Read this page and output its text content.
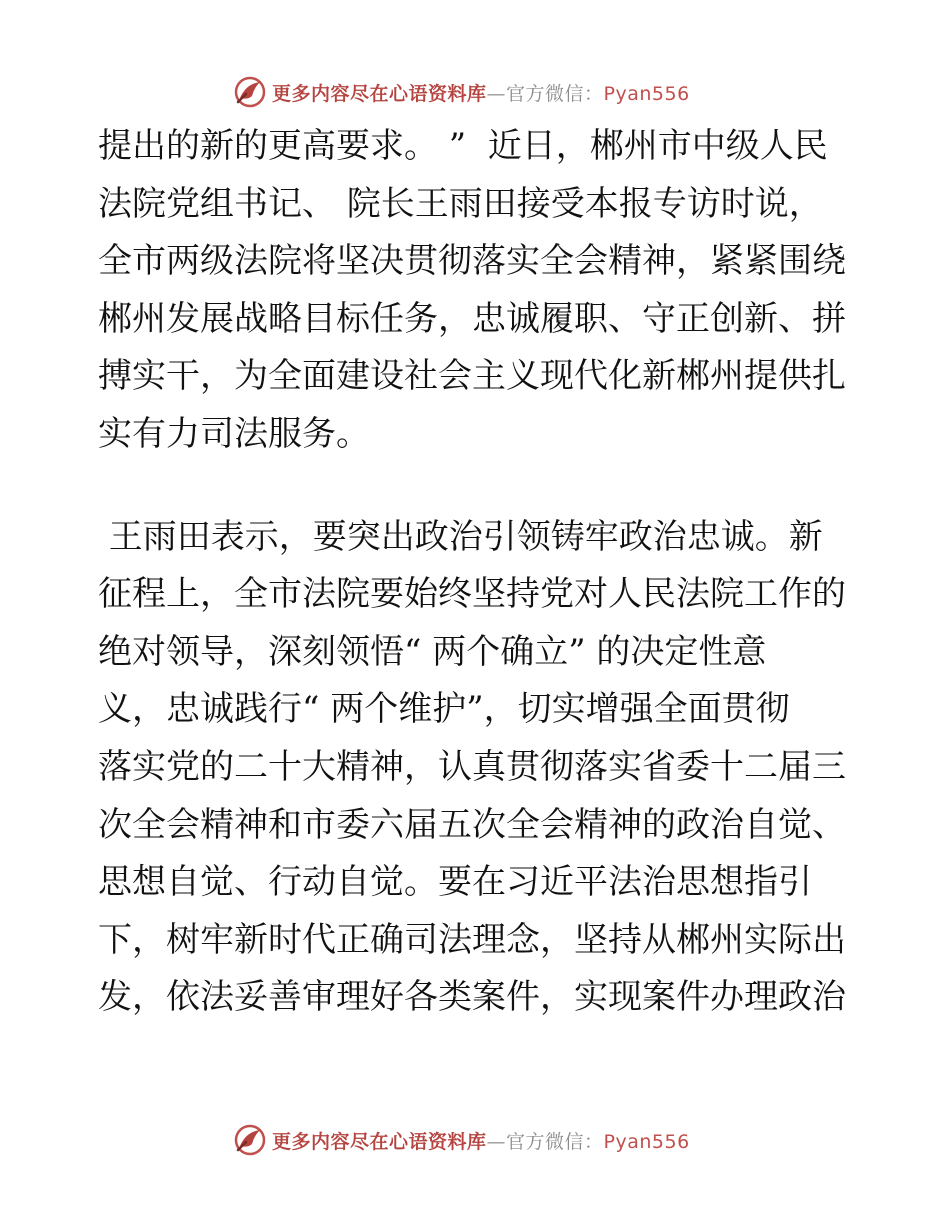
更多内容尽在心语资料库—官方微信：Pyan556
提出的新的更高要求。 ”  近日，郴州市中级人民
法院党组书记、 院长王雨田接受本报专访时说，
全市两级法院将坚决贯彻落实全会精神，紧紧围绕
郴州发展战略目标任务，忠诚履职、守正创新、拼
搏实干，为全面建设社会主义现代化新郴州提供扎
实有力司法服务。
王雨田表示，要突出政治引领铸牢政治忠诚。新
征程上，全市法院要始终坚持党对人民法院工作的
绝对领导，深刻领悟“ 两个确立” 的决定性意
义，忠诚践行“ 两个维护”，切实增强全面贯彻
落实党的二十大精神，认真贯彻落实省委十二届三
次全会精神和市委六届五次全会精神的政治自觉、
思想自觉、行动自觉。要在习近平法治思想指引
下，树牢新时代正确司法理念，坚持从郴州实际出
发，依法妥善审理好各类案件，实现案件办理政治
更多内容尽在心语资料库—官方微信：Pyan556
